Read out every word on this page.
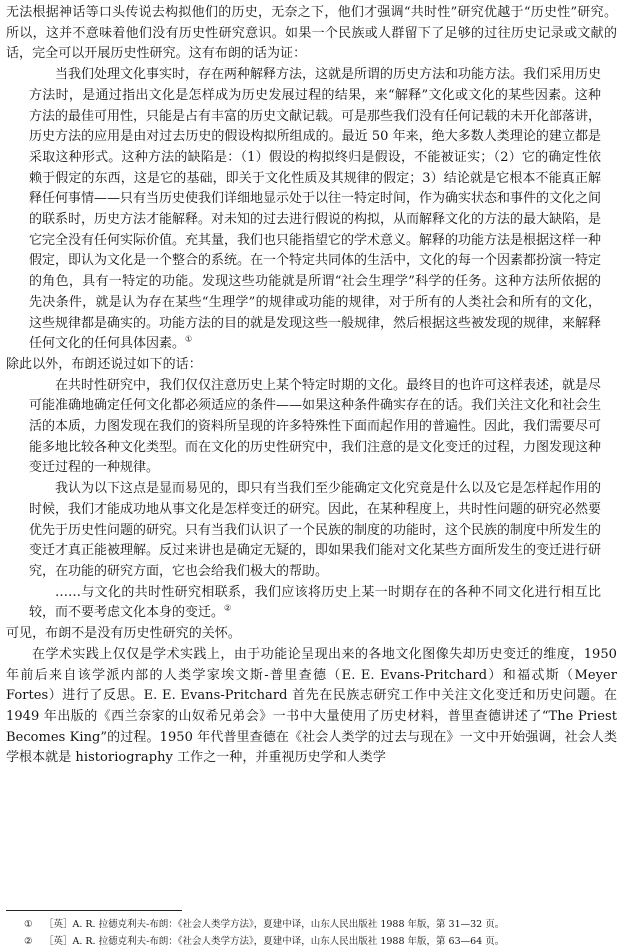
无法根据神话等口头传说去构拟他们的历史，无奈之下，他们才强调“共时性”研究优越于“历史性”研究。所以，这并不意味着他们没有历史性研究意识。如果一个民族或人群留下了足够的过往历史记录或文献的话，完全可以开展历史性研究。这有布朗的话为证：

当我们处理文化事实时，存在两种解释方法，这就是所谓的历史方法和功能方法。我们采用历史方法时，是通过指出文化是怎样成为历史发展过程的结果，来“解释”文化或文化的某些因素。这种方法的最佳可用性，只能是占有丰富的历史文献记载。可是那些我们没有任何记载的未开化部落讲，历史方法的应用是由对过去历史的假设构拟所组成的。最近 50 年来，绝大多数人类理论的建立都是采取这种形式。这种方法的缺陷是：（1）假设的构拟终归是假设，不能被证实；（2）它的确定性依赖于假定的东西，这是它的基础，即关于文化性质及其规律的假定；3）结论就是它根本不能真正解释任何事情——只有当历史使我们详细地显示处于以往一特定时间，作为确实状态和事件的文化之间的联系时，历史方法才能解释。对未知的过去进行假说的构拟，从而解释文化的方法的最大缺陷，是它完全没有任何实际价值。充其量，我们也只能指望它的学术意义。解释的功能方法是根据这样一种假定，即认为文化是一个整合的系统。在一个特定共同体的生活中，文化的每一个因素都扮演一特定的角色，具有一特定的功能。发现这些功能就是所谓“社会生理学”科学的任务。这种方法所依据的先决条件，就是认为存在某些“生理学”的规律或功能的规律，对于所有的人类社会和所有的文化，这些规律都是确实的。功能方法的目的就是发现这些一般规律，然后根据这些被发现的规律，来解释任何文化的任何具体因素。①

除此以外，布朗还说过如下的话：

在共时性研究中，我们仅仅注意历史上某个特定时期的文化。最终目的也许可这样表述，就是尽可能准确地确定任何文化都必须适应的条件——如果这种条件确实存在的话。我们关注文化和社会生活的本质，力图发现在我们的资料所呈现的许多特殊性下面而起作用的普遍性。因此，我们需要尽可能多地比较各种文化类型。而在文化的历史性研究中，我们注意的是文化变迁的过程，力图发现这种变迁过程的一种规律。

我认为以下这点是显而易见的，即只有当我们至少能确定文化究竟是什么以及它是怎样起作用的时候，我们才能成功地从事文化是怎样变迁的研究。因此，在某种程度上，共时性问题的研究必然要优先于历史性问题的研究。只有当我们认识了一个民族的制度的功能时，这个民族的制度中所发生的变迁才真正能被理解。反过来讲也是确定无疑的，即如果我们能对文化某些方面所发生的变迁进行研究，在功能的研究方面，它也会给我们极大的帮助。

……与文化的共时性研究相联系，我们应该将历史上某一时期存在的各种不同文化进行相互比较，而不要考虑文化本身的变迁。②

可见，布朗不是没有历史性研究的关怀。

在学术实践上仅仅是学术实践上，由于功能论呈现出来的各地文化图像失却历史变迁的维度，1950 年前后来自该学派内部的人类学家埃文斯-普里查德（E. E. Evans-Pritchard）和福忒斯（Meyer Fortes）进行了反思。E. E. Evans-Pritchard 首先在民族志研究工作中关注文化变迁和历史问题。在 1949 年出版的《西兰奈家的山奴希兄弟会》一书中大量使用了历史材料，普里查德讲述了“The Priest Becomes King”的过程。1950 年代普里查德在《社会人类学的过去与现在》一文中开始强调，社会人类学根本就是 historiography 工作之一种，并重视历史学和人类学

①	［英］A. R. 拉德克利夫-布朗：《社会人类学方法》，夏建中译，山东人民出版社 1988 年版，第 31—32 页。

②	［英］A. R. 拉德克利夫-布朗：《社会人类学方法》，夏建中译，山东人民出版社 1988 年版，第 63—64 页。
